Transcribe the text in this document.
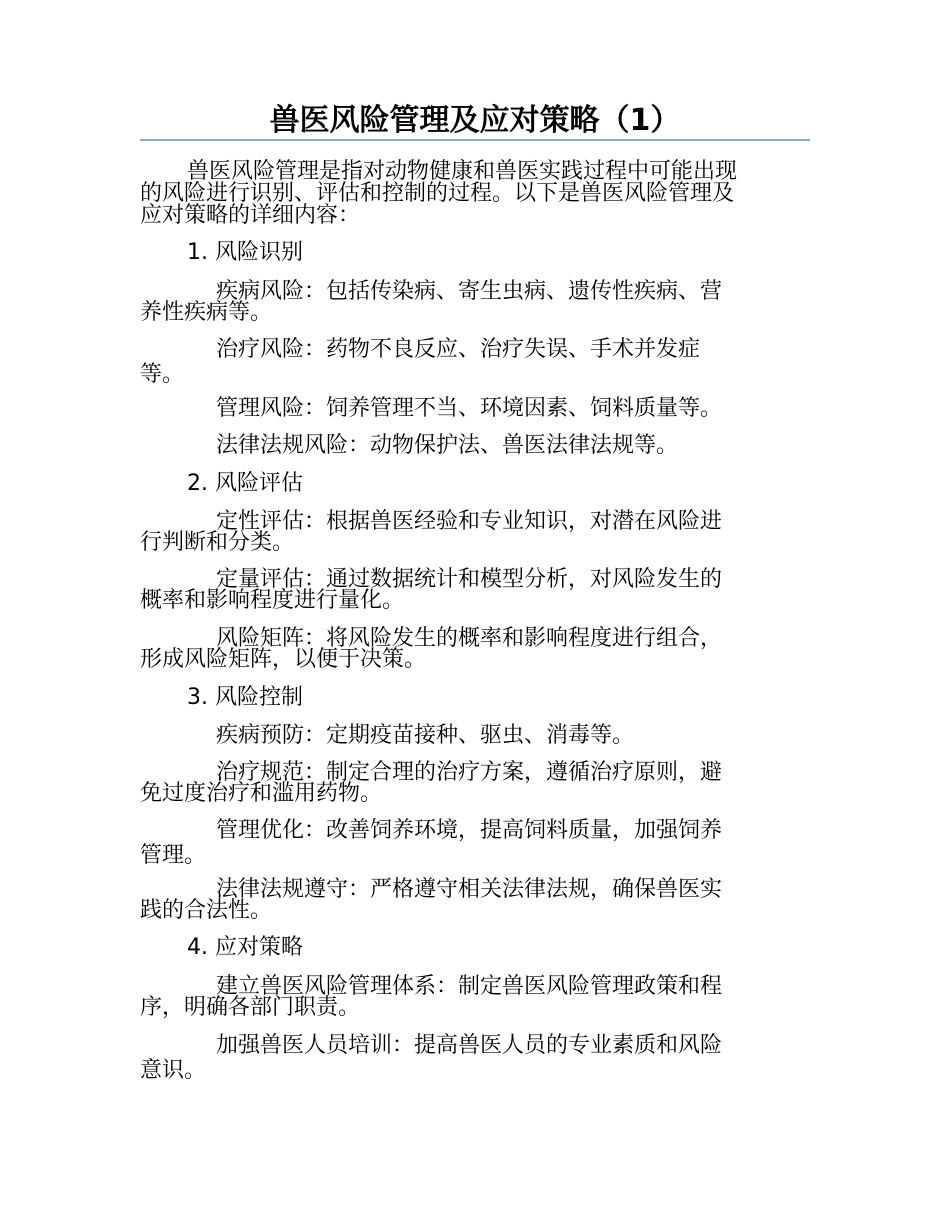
兽医风险管理及应对策略（1）
兽医风险管理是指对动物健康和兽医实践过程中可能出现
的风险进行识别、评估和控制的过程。以下是兽医风险管理及
应对策略的详细内容：
1. 风险识别
疾病风险：包括传染病、寄生虫病、遗传性疾病、营
养性疾病等。
治疗风险：药物不良反应、治疗失误、手术并发症
等。
管理风险：饲养管理不当、环境因素、饲料质量等。
法律法规风险：动物保护法、兽医法律法规等。
2. 风险评估
定性评估：根据兽医经验和专业知识，对潜在风险进
行判断和分类。
定量评估：通过数据统计和模型分析，对风险发生的
概率和影响程度进行量化。
风险矩阵：将风险发生的概率和影响程度进行组合，
形成风险矩阵，以便于决策。
3. 风险控制
疾病预防：定期疫苗接种、驱虫、消毒等。
治疗规范：制定合理的治疗方案，遵循治疗原则，避
免过度治疗和滥用药物。
管理优化：改善饲养环境，提高饲料质量，加强饲养
管理。
法律法规遵守：严格遵守相关法律法规，确保兽医实
践的合法性。
4. 应对策略
建立兽医风险管理体系：制定兽医风险管理政策和程
序，明确各部门职责。
加强兽医人员培训：提高兽医人员的专业素质和风险
意识。
